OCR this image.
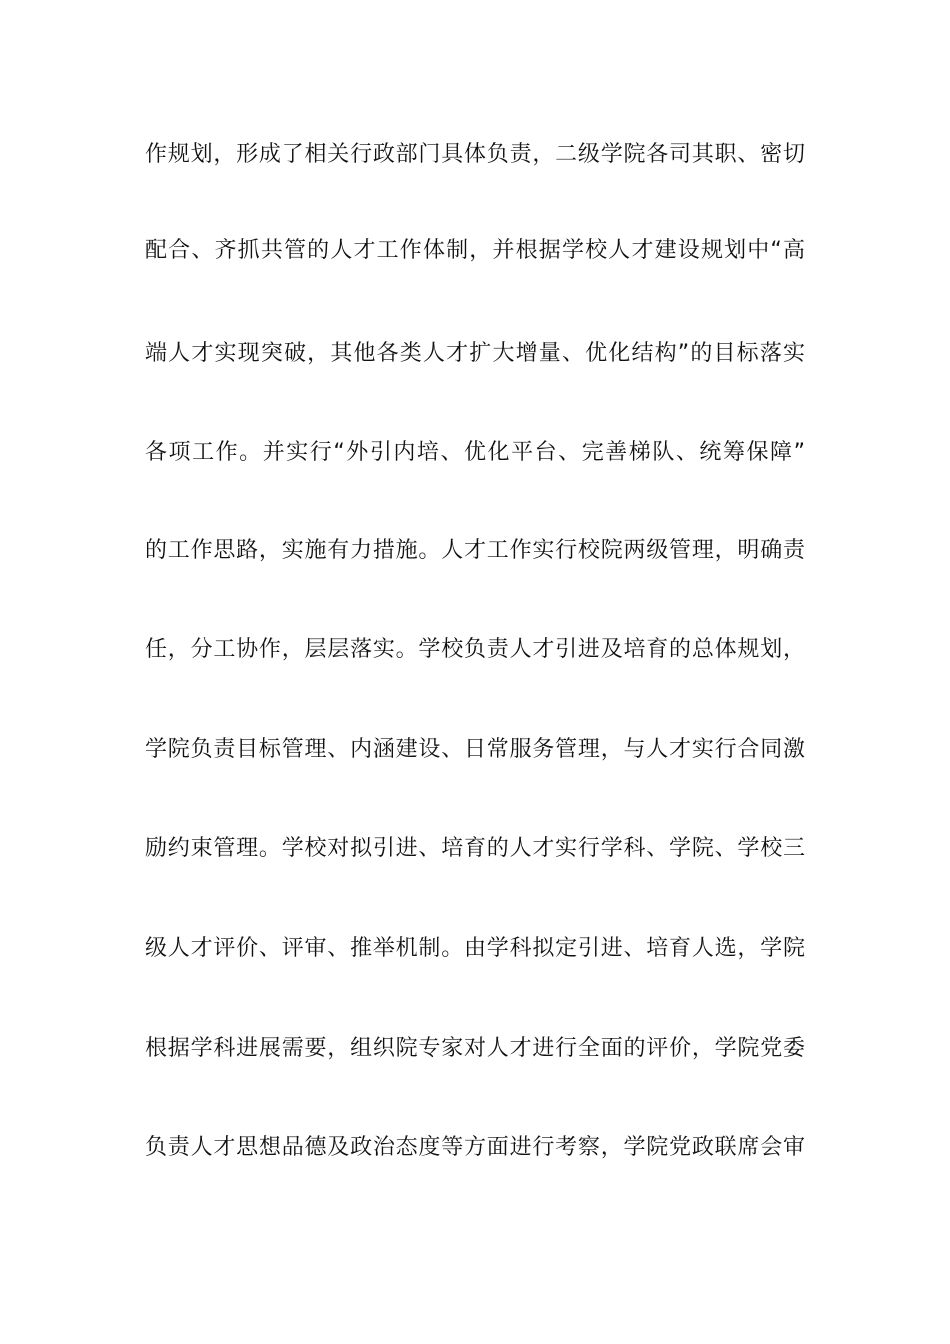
作规划，形成了相关行政部门具体负责，二级学院各司其职、密切
配合、齐抓共管的人才工作体制，并根据学校人才建设规划中“高
端人才实现突破，其他各类人才扩大增量、优化结构”的目标落实
各项工作。并实行“外引内培、优化平台、完善梯队、统筹保障”
的工作思路，实施有力措施。人才工作实行校院两级管理，明确责
任，分工协作，层层落实。学校负责人才引进及培育的总体规划，
学院负责目标管理、内涵建设、日常服务管理，与人才实行合同激
励约束管理。学校对拟引进、培育的人才实行学科、学院、学校三
级人才评价、评审、推举机制。由学科拟定引进、培育人选，学院
根据学科进展需要，组织院专家对人才进行全面的评价，学院党委
负责人才思想品德及政治态度等方面进行考察，学院党政联席会审
